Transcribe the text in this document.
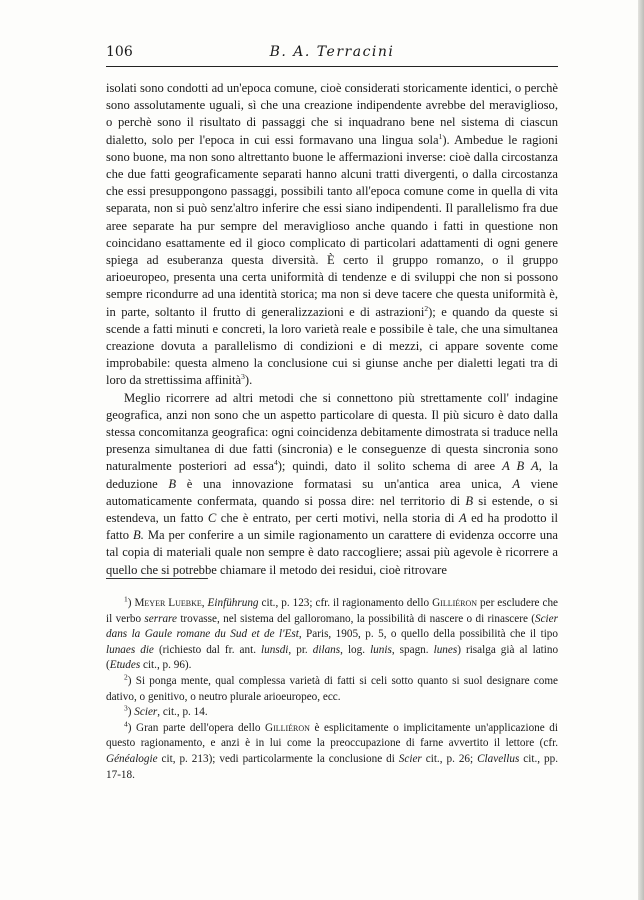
106	B. A. Terracini

isolati sono condotti ad un'epoca comune, cioè considerati storicamente identici, o perchè sono assolutamente uguali, sì che una creazione indipendente avrebbe del meraviglioso, o perchè sono il risultato di passaggi che si inquadrano bene nel sistema di ciascun dialetto, solo per l'epoca in cui essi formavano una lingua sola$^1$). Ambedue le ragioni sono buone, ma non sono altrettanto buone le affermazioni inverse: cioè dalla circostanza che due fatti geograficamente separati hanno alcuni tratti divergenti, o dalla circostanza che essi presuppongono passaggi, possibili tanto all'epoca comune come in quella di vita separata, non si può senz'altro inferire che essi siano indipendenti. Il parallelismo fra due aree separate ha pur sempre del meraviglioso anche quando i fatti in questione non coincidano esattamente ed il gioco complicato di particolari adattamenti di ogni genere spiega ad esuberanza questa diversità. È certo il gruppo romanzo, o il gruppo arioeuropeo, presenta una certa uniformità di tendenze e di sviluppi che non si possono sempre ricondurre ad una identità storica; ma non si deve tacere che questa uniformità è, in parte, soltanto il frutto di generalizzazioni e di astrazioni$^2$); e quando da queste si scende a fatti minuti e concreti, la loro varietà reale e possibile è tale, che una simultanea creazione dovuta a parallelismo di condizioni e di mezzi, ci appare sovente come improbabile: questa almeno la conclusione cui si giunse anche per dialetti legati tra di loro da strettissima affinità$^3$).

Meglio ricorrere ad altri metodi che si connettono più strettamente coll' indagine geografica, anzi non sono che un aspetto particolare di questa. Il più sicuro è dato dalla stessa concomitanza geografica: ogni coincidenza debitamente dimostrata si traduce nella presenza simultanea di due fatti (sincronia) e le conseguenze di questa sincronia sono naturalmente posteriori ad essa$^4$); quindi, dato il solito schema di aree A B A, la deduzione B è una innovazione formatasi su un'antica area unica, A viene automaticamente confermata, quando si possa dire: nel territorio di B si estende, o si estendeva, un fatto C che è entrato, per certi motivi, nella storia di A ed ha prodotto il fatto B. Ma per conferire a un simile ragionamento un carattere di evidenza occorre una tal copia di materiali quale non sempre è dato raccogliere; assai più agevole è ricorrere a quello che si potrebbe chiamare il metodo dei residui, cioè ritrovare

$^1$) Meyer Luebke, Einführung cit., p. 123; cfr. il ragionamento dello Gilliéron per escludere che il verbo serrare trovasse, nel sistema del galloromano, la possibilità di nascere o di rinascere (Scier dans la Gaule romane du Sud et de l'Est, Paris, 1905, p. 5, o quello della possibilità che il tipo lunaes die (richiesto dal fr. ant. lunsdi, pr. dilans, log. lunis, spagn. lunes) risalga già al latino (Etudes cit., p. 96).

$^2$) Si ponga mente, qual complessa varietà di fatti si celi sotto quanto si suol designare come dativo, o genitivo, o neutro plurale arioeuropeo, ecc.

$^3$) Scier, cit., p. 14.

$^4$) Gran parte dell'opera dello Gilliéron è esplicitamente o implicitamente un'applicazione di questo ragionamento, e anzi è in lui come la preoccupazione di farne avvertito il lettore (cfr. Généalogie cit, p. 213); vedi particolarmente la conclusione di Scier cit., p. 26; Clavellus cit., pp. 17-18.
